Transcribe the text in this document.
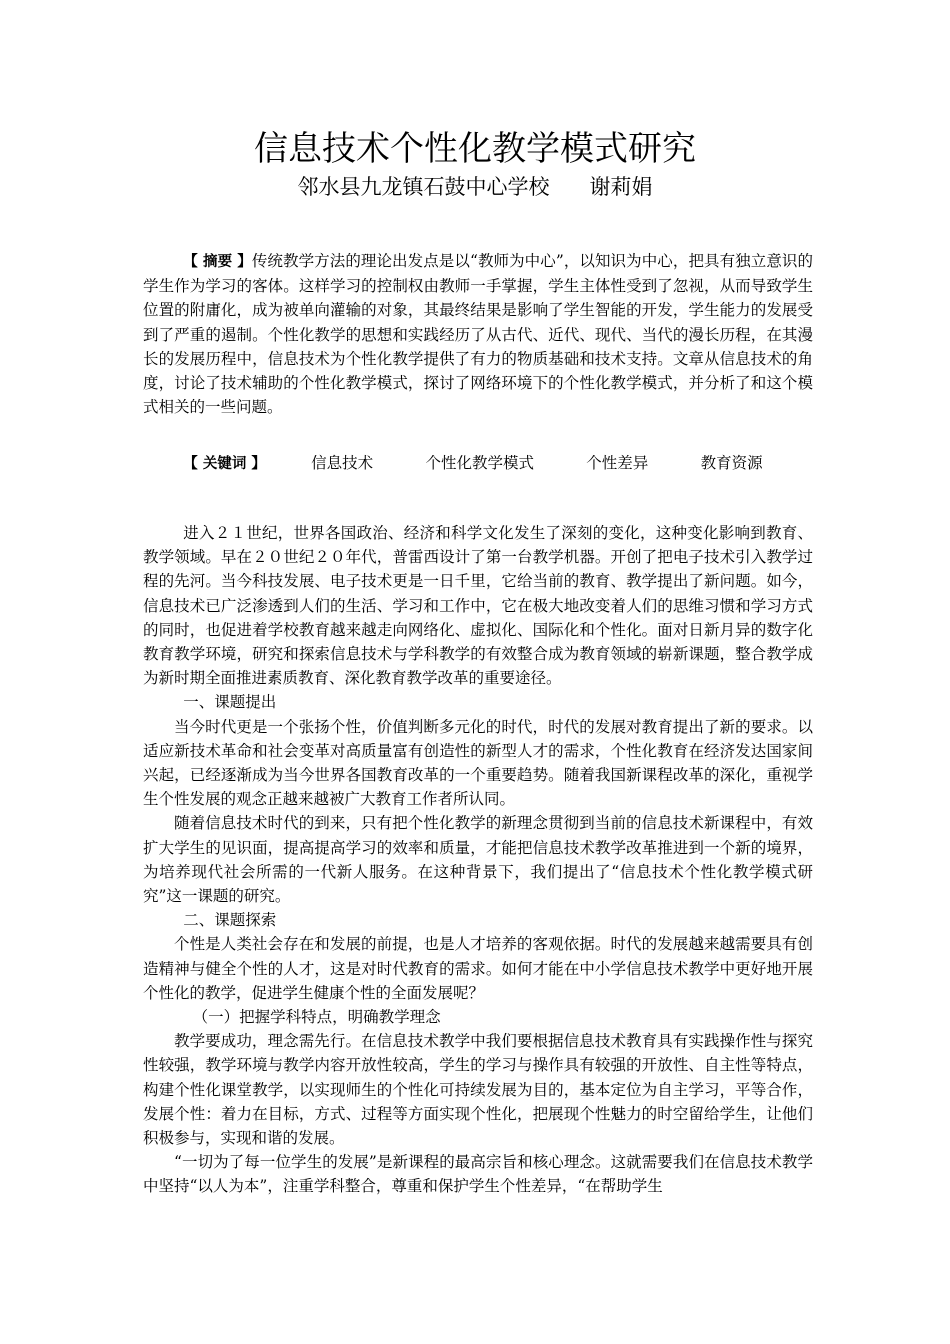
信息技术个性化教学模式研究
邻水县九龙镇石鼓中心学校 谢莉娟

【 摘要 】传统教学方法的理论出发点是以“教师为中心”，以知识为中心，把具有独立意识的学生作为学习的客体。这样学习的控制权由教师一手掌握，学生主体性受到了忽视，从而导致学生位置的附庸化，成为被单向灌输的对象，其最终结果是影响了学生智能的开发，学生能力的发展受到了严重的遏制。个性化教学的思想和实践经历了从古代、近代、现代、当代的漫长历程，在其漫长的发展历程中，信息技术为个性化教学提供了有力的物质基础和技术支持。文章从信息技术的角度，讨论了技术辅助的个性化教学模式，探讨了网络环境下的个性化教学模式，并分析了和这个模式相关的一些问题。

【 关键词 】	信息技术	个性化教学模式	个性差异	教育资源

进入２１世纪，世界各国政治、经济和科学文化发生了深刻的变化，这种变化影响到教育、教学领域。早在２０世纪２０年代，普雷西设计了第一台教学机器。开创了把电子技术引入教学过程的先河。当今科技发展、电子技术更是一日千里，它给当前的教育、教学提出了新问题。如今，信息技术已广泛渗透到人们的生活、学习和工作中，它在极大地改变着人们的思维习惯和学习方式的同时，也促进着学校教育越来越走向网络化、虚拟化、国际化和个性化。面对日新月异的数字化教育教学环境，研究和探索信息技术与学科教学的有效整合成为教育领域的崭新课题，整合教学成为新时期全面推进素质教育、深化教育教学改革的重要途径。

一、课题提出

当今时代更是一个张扬个性，价值判断多元化的时代，时代的发展对教育提出了新的要求。以适应新技术革命和社会变革对高质量富有创造性的新型人才的需求，个性化教育在经济发达国家间兴起，已经逐渐成为当今世界各国教育改革的一个重要趋势。随着我国新课程改革的深化，重视学生个性发展的观念正越来越被广大教育工作者所认同。

随着信息技术时代的到来，只有把个性化教学的新理念贯彻到当前的信息技术新课程中，有效扩大学生的见识面，提高提高学习的效率和质量，才能把信息技术教学改革推进到一个新的境界，为培养现代社会所需的一代新人服务。在这种背景下，我们提出了“信息技术个性化教学模式研究”这一课题的研究。

二、课题探索

个性是人类社会存在和发展的前提，也是人才培养的客观依据。时代的发展越来越需要具有创造精神与健全个性的人才，这是对时代教育的需求。如何才能在中小学信息技术教学中更好地开展个性化的教学，促进学生健康个性的全面发展呢？

（一）把握学科特点，明确教学理念

教学要成功，理念需先行。在信息技术教学中我们要根据信息技术教育具有实践操作性与探究性较强，教学环境与教学内容开放性较高，学生的学习与操作具有较强的开放性、自主性等特点，构建个性化课堂教学，以实现师生的个性化可持续发展为目的，基本定位为自主学习，平等合作，发展个性：着力在目标，方式、过程等方面实现个性化，把展现个性魅力的时空留给学生，让他们积极参与，实现和谐的发展。

“一切为了每一位学生的发展”是新课程的最高宗旨和核心理念。这就需要我们在信息技术教学中坚持“以人为本”，注重学科整合，尊重和保护学生个性差异，“在帮助学生
